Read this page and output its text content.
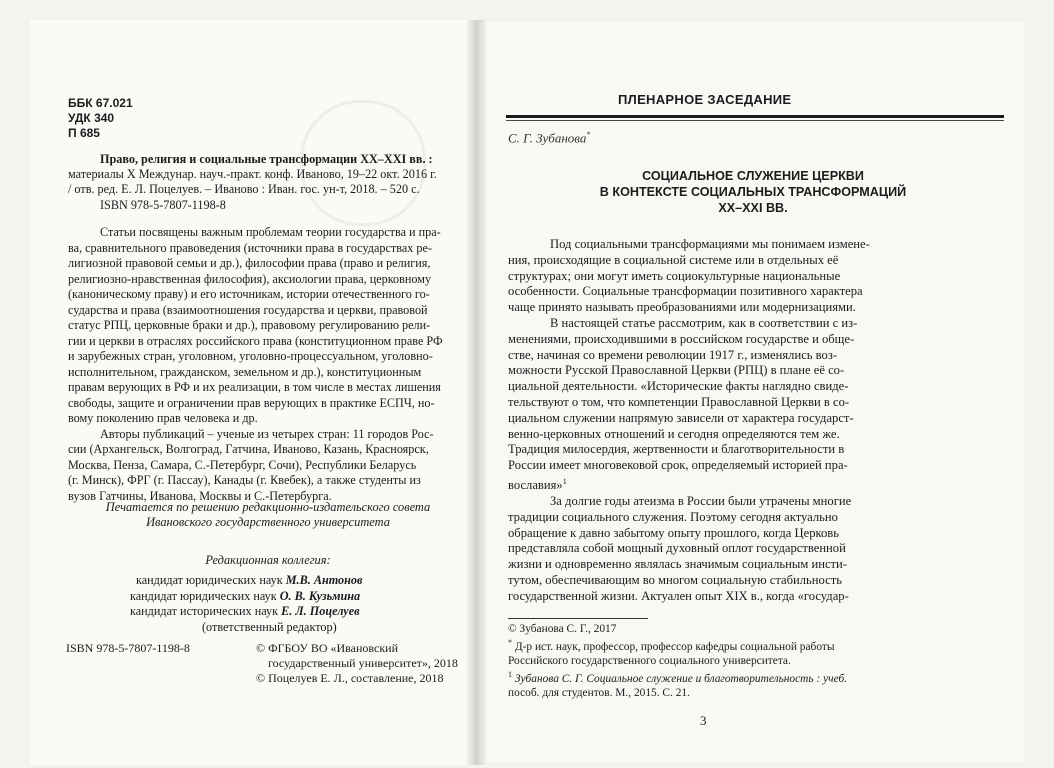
ББК 67.021
УДК 340
П 685
Право, религия и социальные трансформации XX–XXI вв. :
материалы X Междунар. науч.-практ. конф. Иваново, 19–22 окт. 2016 г.
/ отв. ред. Е. Л. Поцелуев. – Иваново : Иван. гос. ун-т, 2018. – 520 с.
ISBN 978-5-7807-1198-8
Статьи посвящены важным проблемам теории государства и пра-
ва, сравнительного правоведения (источники права в государствах ре-
лигиозной правовой семьи и др.), философии права (право и религия,
религиозно-нравственная философия), аксиологии права, церковному
(каноническому праву) и его источникам, истории отечественного го-
сударства и права (взаимоотношения государства и церкви, правовой
статус РПЦ, церковные браки и др.), правовому регулированию рели-
гии и церкви в отраслях российского права (конституционном праве РФ
и зарубежных стран, уголовном, уголовно-процессуальном, уголовно-
исполнительном, гражданском, земельном и др.), конституционным
правам верующих в РФ и их реализации, в том числе в местах лишения
свободы, защите и ограничении прав верующих в практике ЕСПЧ, но-
вому поколению прав человека и др.
Авторы публикаций – ученые из четырех стран: 11 городов Рос-
сии (Архангельск, Волгоград, Гатчина, Иваново, Казань, Красноярск,
Москва, Пенза, Самара, С.-Петербург, Сочи), Республики Беларусь
(г. Минск), ФРГ (г. Пассау), Канады (г. Квебек), а также студенты из
вузов Гатчины, Иванова, Москвы и С.-Петербурга.
Печатается по решению редакционно-издательского совета
Ивановского государственного университета
Редакционная коллегия:
кандидат юридических наук М.В. Антонов
кандидат юридических наук О. В. Кузьмина
кандидат исторических наук Е. Л. Поцелуев
(ответственный редактор)
ISBN 978-5-7807-1198-8	© ФГБОУ ВО «Ивановский
государственный университет», 2018
© Поцелуев Е. Л., составление, 2018
ПЛЕНАРНОЕ ЗАСЕДАНИЕ
С. Г. Зубанова*
СОЦИАЛЬНОЕ СЛУЖЕНИЕ ЦЕРКВИ
В КОНТЕКСТЕ СОЦИАЛЬНЫХ ТРАНСФОРМАЦИЙ
XX–XXI ВВ.
Под социальными трансформациями мы понимаем измене-
ния, происходящие в социальной системе или в отдельных её
структурах; они могут иметь социокультурные национальные
особенности. Социальные трансформации позитивного характера
чаще принято называть преобразованиями или модернизациями.
В настоящей статье рассмотрим, как в соответствии с из-
менениями, происходившими в российском государстве и обще-
стве, начиная со времени революции 1917 г., изменялись воз-
можности Русской Православной Церкви (РПЦ) в плане её со-
циальной деятельности. «Исторические факты наглядно свиде-
тельствуют о том, что компетенции Православной Церкви в со-
циальном служении напрямую зависели от характера государст-
венно-церковных отношений и сегодня определяются тем же.
Традиция милосердия, жертвенности и благотворительности в
России имеет многовековой срок, определяемый историей пра-
вославия»$^1$
За долгие годы атеизма в России были утрачены многие
традиции социального служения. Поэтому сегодня актуально
обращение к давно забытому опыту прошлого, когда Церковь
представляла собой мощный духовный оплот государственной
жизни и одновременно являлась значимым социальным инсти-
тутом, обеспечивающим во многом социальную стабильность
государственной жизни. Актуален опыт XIX в., когда «государ-
© Зубанова С. Г., 2017
* Д-р ист. наук, профессор, профессор кафедры социальной работы
Российского государственного социального университета.
$^1$ Зубанова С. Г. Социальное служение и благотворительность : учеб.
пособ. для студентов. М., 2015. С. 21.
3
